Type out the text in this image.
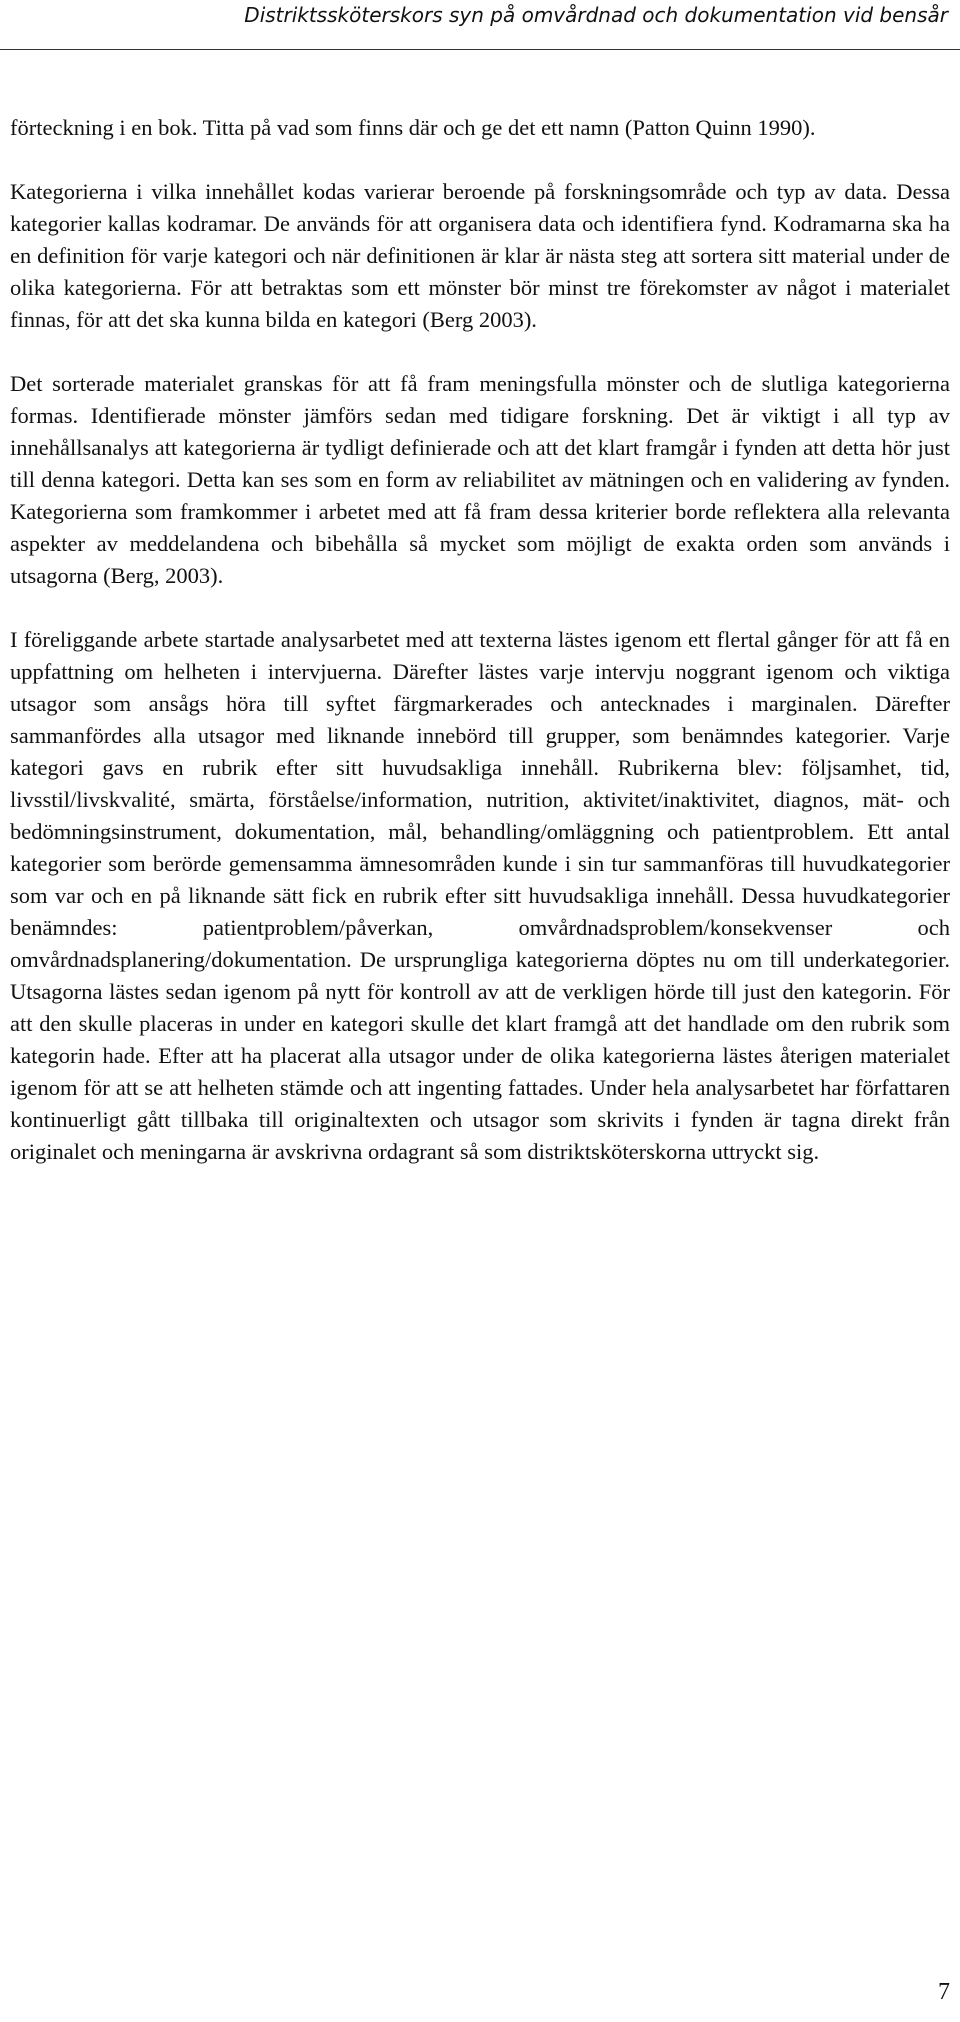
Distriktssköterskors syn på omvårdnad och dokumentation vid bensår

förteckning i en bok. Titta på vad som finns där och ge det ett namn (Patton Quinn 1990).

Kategorierna i vilka innehållet kodas varierar beroende på forskningsområde och typ av data. Dessa kategorier kallas kodramar. De används för att organisera data och identifiera fynd. Kodramarna ska ha en definition för varje kategori och när definitionen är klar är nästa steg att sortera sitt material under de olika kategorierna. För att betraktas som ett mönster bör minst tre förekomster av något i materialet finnas, för att det ska kunna bilda en kategori (Berg 2003).

Det sorterade materialet granskas för att få fram meningsfulla mönster och de slutliga kategorierna formas. Identifierade mönster jämförs sedan med tidigare forskning. Det är viktigt i all typ av innehållsanalys att kategorierna är tydligt definierade och att det klart framgår i fynden att detta hör just till denna kategori. Detta kan ses som en form av reliabilitet av mätningen och en validering av fynden. Kategorierna som framkommer i arbetet med att få fram dessa kriterier borde reflektera alla relevanta aspekter av meddelandena och bibehålla så mycket som möjligt de exakta orden som används i utsagorna (Berg, 2003).

I föreliggande arbete startade analysarbetet med att texterna lästes igenom ett flertal gånger för att få en uppfattning om helheten i intervjuerna. Därefter lästes varje intervju noggrant igenom och viktiga utsagor som ansågs höra till syftet färgmarkerades och antecknades i marginalen. Därefter sammanfördes alla utsagor med liknande innebörd till grupper, som benämndes kategorier. Varje kategori gavs en rubrik efter sitt huvudsakliga innehåll. Rubrikerna blev: följsamhet, tid, livsstil/livskvalité, smärta, förståelse/information, nutrition, aktivitet/inaktivitet, diagnos, mät- och bedömningsinstrument, dokumentation, mål, behandling/omläggning och patientproblem. Ett antal kategorier som berörde gemensamma ämnesområden kunde i sin tur sammanföras till huvudkategorier som var och en på liknande sätt fick en rubrik efter sitt huvudsakliga innehåll. Dessa huvudkategorier benämndes: patientproblem/påverkan, omvårdnadsproblem/konsekvenser och omvårdnadsplanering/dokumentation. De ursprungliga kategorierna döptes nu om till underkategorier. Utsagorna lästes sedan igenom på nytt för kontroll av att de verkligen hörde till just den kategorin. För att den skulle placeras in under en kategori skulle det klart framgå att det handlade om den rubrik som kategorin hade. Efter att ha placerat alla utsagor under de olika kategorierna lästes återigen materialet igenom för att se att helheten stämde och att ingenting fattades. Under hela analysarbetet har författaren kontinuerligt gått tillbaka till originaltexten och utsagor som skrivits i fynden är tagna direkt från originalet och meningarna är avskrivna ordagrant så som distriktsköterskorna uttryckt sig.

7
